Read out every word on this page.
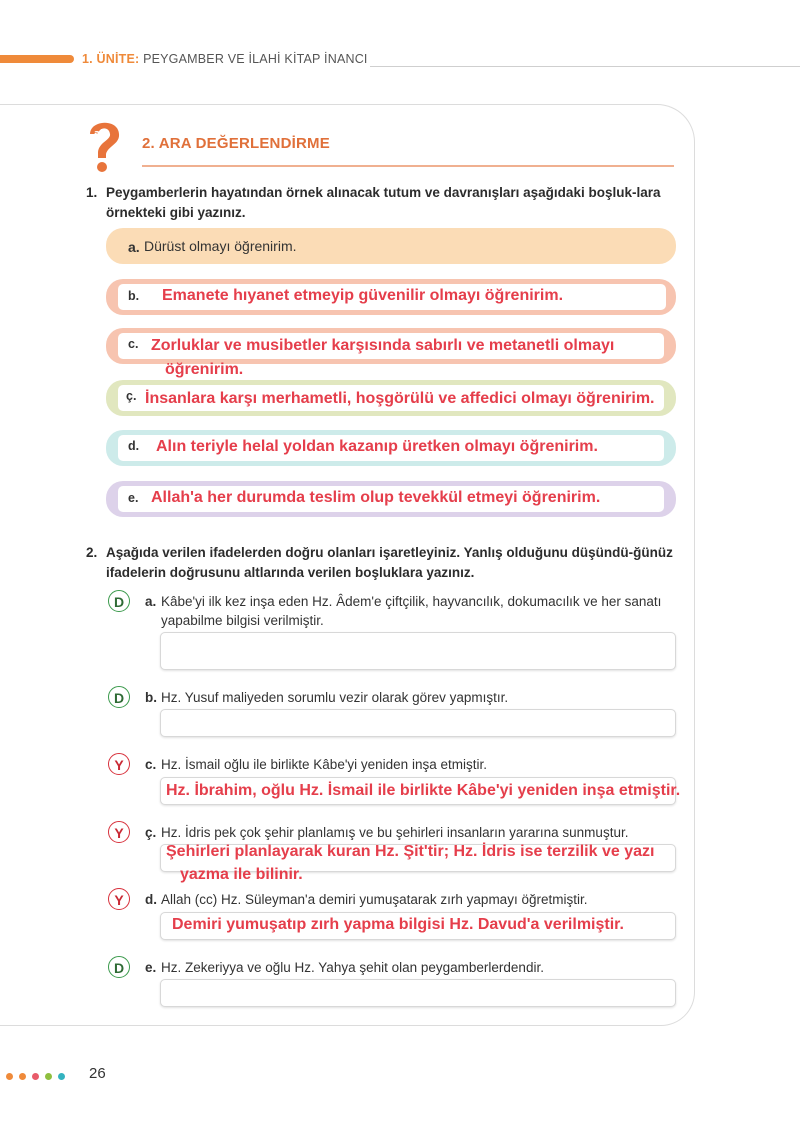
1. ÜNİTE: PEYGAMBER VE İLAHİ KİTAP İNANCI
ab
2. ARA DEĞERLENDİRME
1. Peygamberlerin hayatından örnek alınacak tutum ve davranışları aşağıdaki boşluk-lara örnekteki gibi yazınız.
a. Dürüst olmayı öğrenirim.
b. Emanete hıyanet etmeyip güvenilir olmayı öğrenirim.
c. Zorluklar ve musibetler karşısında sabırlı ve metanetli olmayı
öğrenirim.
ç. İnsanlara karşı merhametli, hoşgörülü ve affedici olmayı öğrenirim.
d. Alın teriyle helal yoldan kazanıp üretken olmayı öğrenirim.
e. Allah'a her durumda teslim olup tevekkül etmeyi öğrenirim.
2. Aşağıda verilen ifadelerden doğru olanları işaretleyiniz. Yanlış olduğunu düşündü-ğünüz ifadelerin doğrusunu altlarında verilen boşluklara yazınız.
D	a. Kâbe'yi ilk kez inşa eden Hz. Âdem'e çiftçilik, hayvancılık, dokumacılık ve her sanatı yapabilme bilgisi verilmiştir.
D	b. Hz. Yusuf maliyeden sorumlu vezir olarak görev yapmıştır.
Y	c. Hz. İsmail oğlu ile birlikte Kâbe'yi yeniden inşa etmiştir.
Hz. İbrahim, oğlu Hz. İsmail ile birlikte Kâbe'yi yeniden inşa etmiştir.
Y	ç. Hz. İdris pek çok şehir planlamış ve bu şehirleri insanların yararına sunmuştur.
Şehirleri planlayarak kuran Hz. Şit'tir; Hz. İdris ise terzilik ve yazı
yazma ile bilinir.
Y	d. Allah (cc) Hz. Süleyman'a demiri yumuşatarak zırh yapmayı öğretmiştir.
Demiri yumuşatıp zırh yapma bilgisi Hz. Davud'a verilmiştir.
D	e. Hz. Zekeriyya ve oğlu Hz. Yahya şehit olan peygamberlerdendir.
26
